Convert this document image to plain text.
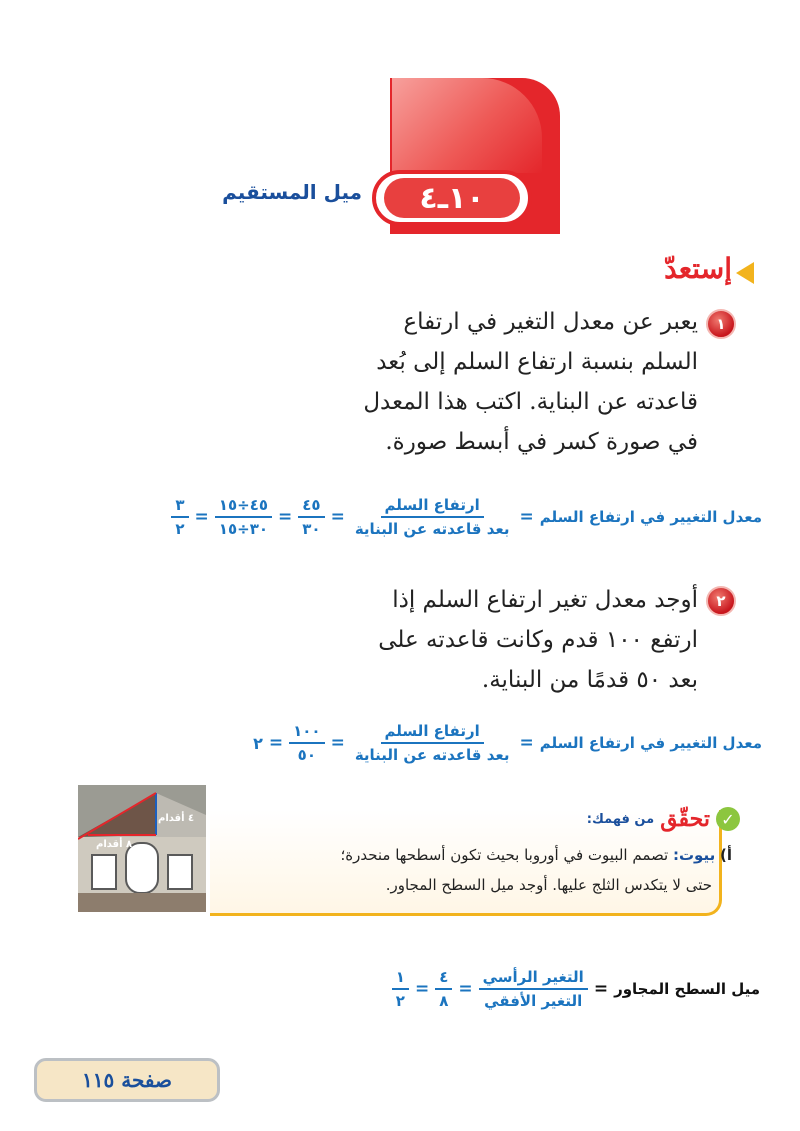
١٠ـ٤
ميل المستقيم
إستعدّ
١
يعبر عن معدل التغير في ارتفاع
السلم بنسبة ارتفاع السلم إلى بُعد
قاعدته عن البناية. اكتب هذا المعدل
في صورة كسر في أبسط صورة.
معدل التغيير في ارتفاع السلم
=
$\frac{\text{ارتفاع السلم}}{\text{بعد قاعدته عن البناية}}$
=
$\frac{٤٥}{٣٠}$
=
$\frac{٤٥\div ١٥}{٣٠\div ١٥}$
=
$\frac{٣}{٢}$
٢
أوجد معدل تغير ارتفاع السلم إذا
ارتفع ١٠٠ قدم وكانت قاعدته على
بعد ٥٠ قدمًا من البناية.
معدل التغيير في ارتفاع السلم
=
$\frac{\text{ارتفاع السلم}}{\text{بعد قاعدته عن البناية}}$
=
$\frac{١٠٠}{٥٠}$
=
٢
٤ أقدام
٨ أقدام
✓
تحقّق
من فهمك:
أ) بيوت: تصمم البيوت في أوروبا بحيث تكون أسطحها منحدرة؛
حتى لا يتكدس الثلج عليها. أوجد ميل السطح المجاور.
ميل السطح المجاور
=
$\frac{\text{التغير الرأسي}}{\text{التغير الأفقي}}$
=
$\frac{٤}{٨}$
=
$\frac{١}{٢}$
صفحة ١١٥
